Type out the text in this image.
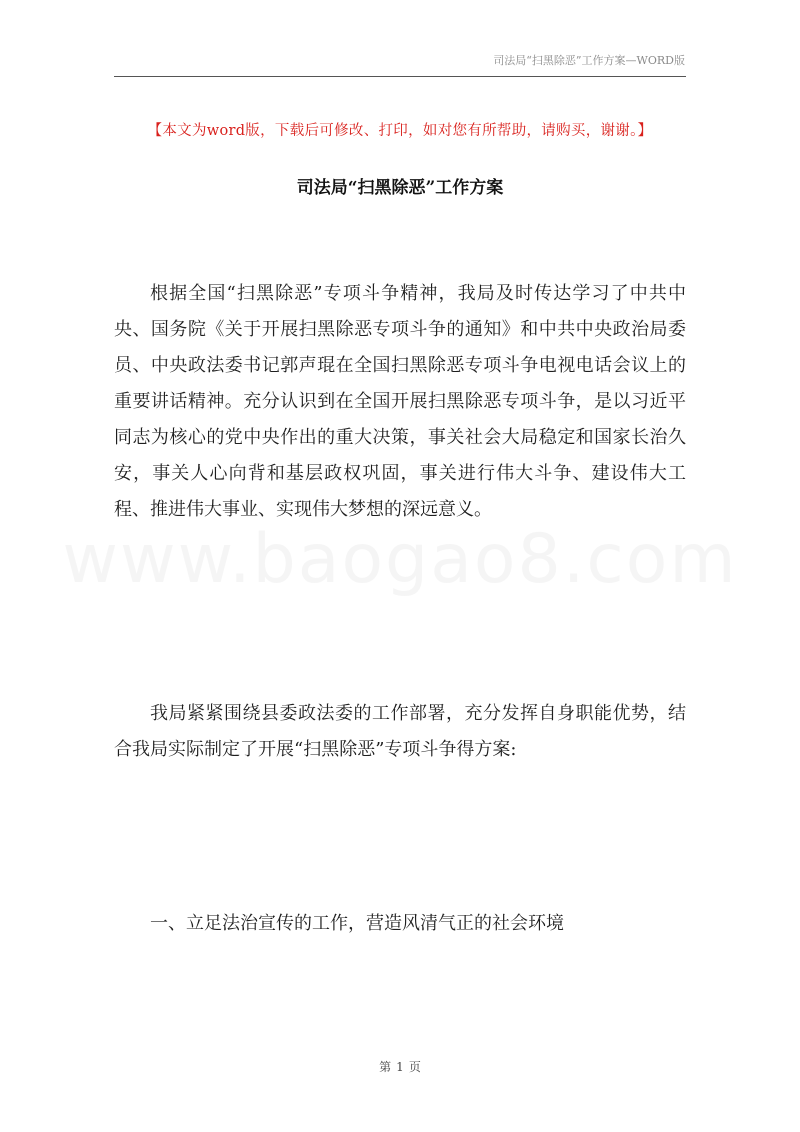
司法局“扫黑除恶”工作方案—WORD版
【本文为word版，下载后可修改、打印，如对您有所帮助，请购买，谢谢。】
司法局“扫黑除恶”工作方案
www.baogao8.com

根据全国“扫黑除恶”专项斗争精神，我局及时传达学习了中共中央、国务院《关于开展扫黑除恶专项斗争的通知》和中共中央政治局委员、中央政法委书记郭声琨在全国扫黑除恶专项斗争电视电话会议上的重要讲话精神。充分认识到在全国开展扫黑除恶专项斗争，是以习近平同志为核心的党中央作出的重大决策，事关社会大局稳定和国家长治久安，事关人心向背和基层政权巩固，事关进行伟大斗争、建设伟大工程、推进伟大事业、实现伟大梦想的深远意义。

我局紧紧围绕县委政法委的工作部署，充分发挥自身职能优势，结合我局实际制定了开展“扫黑除恶”专项斗争得方案:

一、立足法治宣传的工作，营造风清气正的社会环境

第 1 页
